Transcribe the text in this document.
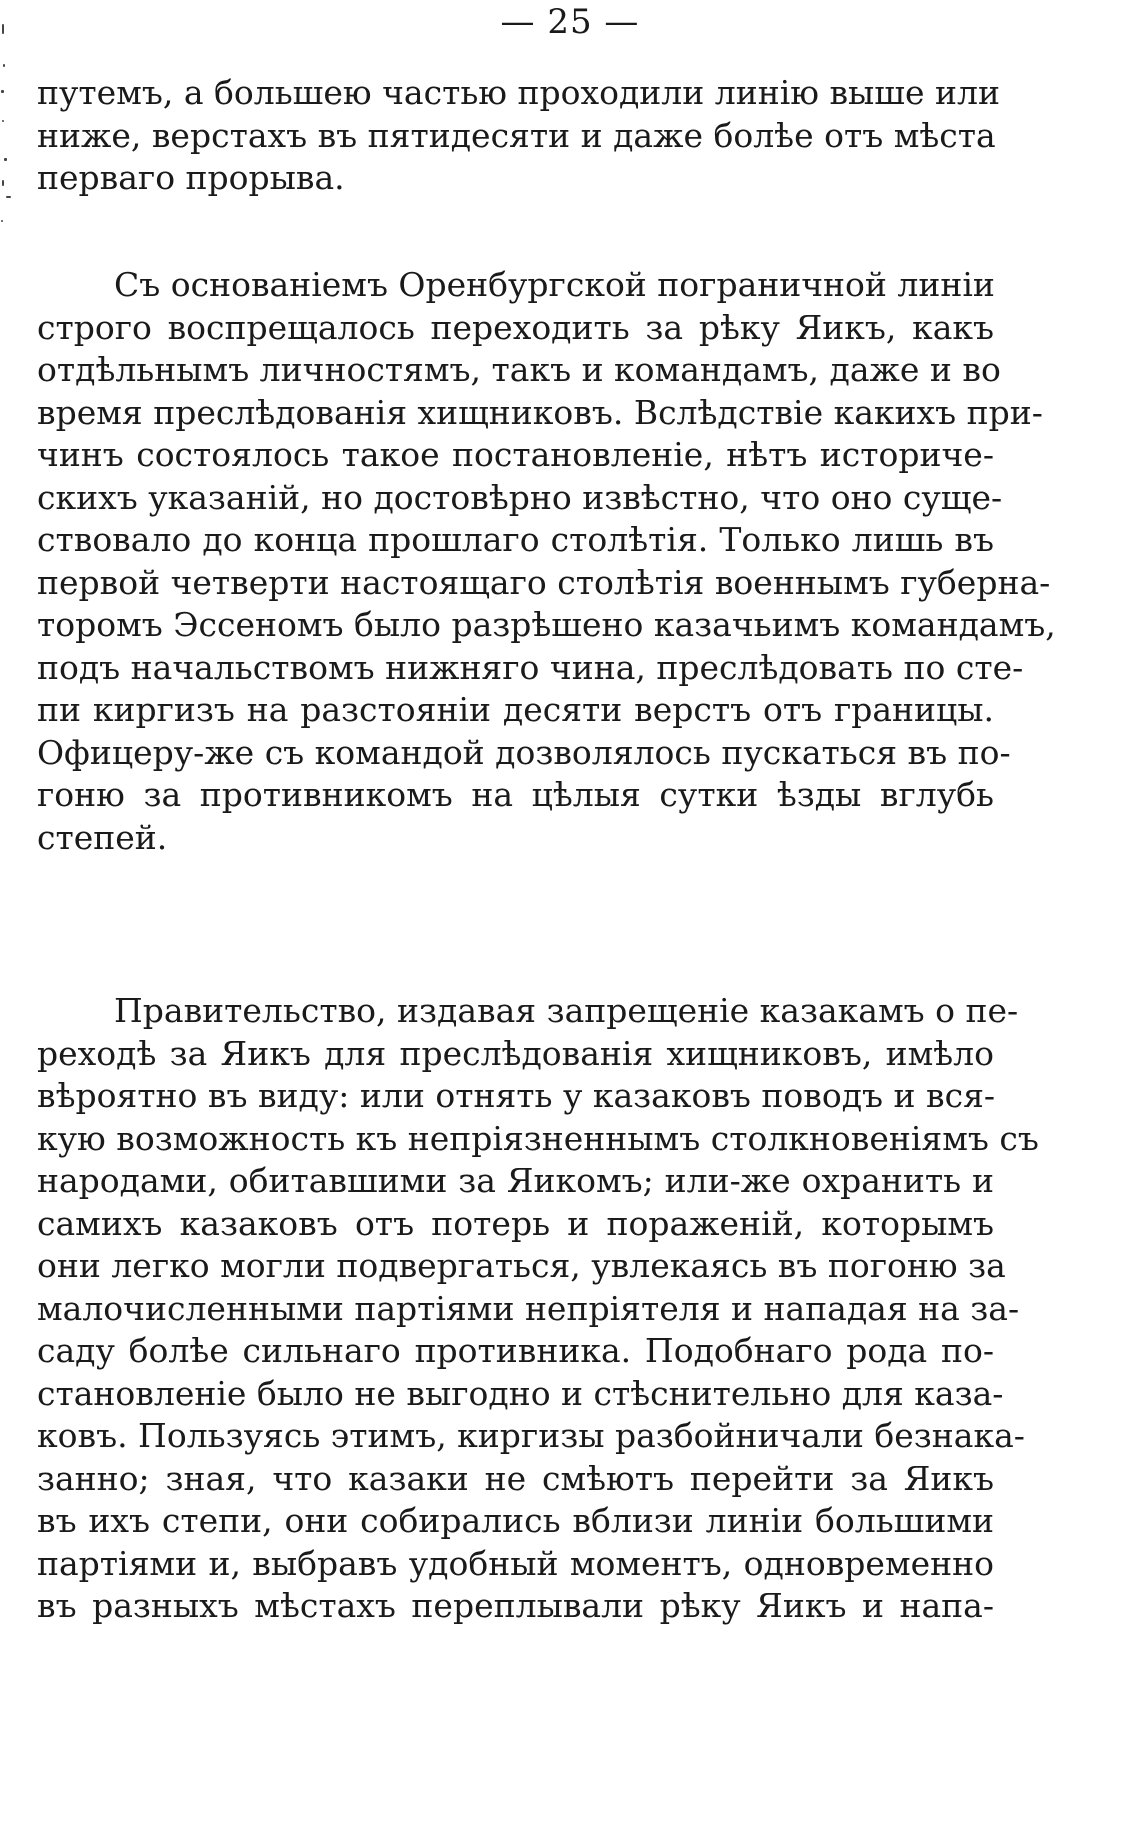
— 25 —
путемъ, а большею частью проходили линію выше или
ниже, верстахъ въ пятидесяти и даже болѣе отъ мѣста
перваго прорыва.
Съ основаніемъ Оренбургской пограничной линіи
строго воспрещалось переходить за рѣку Яикъ, какъ
отдѣльнымъ личностямъ, такъ и командамъ, даже и во
время преслѣдованія хищниковъ. Вслѣдствіе какихъ при-
чинъ состоялось такое постановленіе, нѣтъ историче-
скихъ указаній, но достовѣрно извѣстно, что оно суще-
ствовало до конца прошлаго столѣтія. Только лишь въ
первой четверти настоящаго столѣтія военнымъ губерна-
торомъ Эссеномъ было разрѣшено казачьимъ командамъ,
подъ начальствомъ нижняго чина, преслѣдовать по сте-
пи киргизъ на разстояніи десяти верстъ отъ границы.
Офицеру-же съ командой дозволялось пускаться въ по-
гоню за противникомъ на цѣлыя сутки ѣзды вглубь
степей.
Правительство, издавая запрещеніе казакамъ о пе-
реходѣ за Яикъ для преслѣдованія хищниковъ, имѣло
вѣроятно въ виду: или отнять у казаковъ поводъ и вся-
кую возможность къ непріязненнымъ столкновеніямъ съ
народами, обитавшими за Яикомъ; или-же охранить и
самихъ казаковъ отъ потерь и пораженій, которымъ
они легко могли подвергаться, увлекаясь въ погоню за
малочисленными партіями непріятеля и нападая на за-
саду болѣе сильнаго противника. Подобнаго рода по-
становленіе было не выгодно и стѣснительно для каза-
ковъ. Пользуясь этимъ, киргизы разбойничали безнака-
занно; зная, что казаки не смѣютъ перейти за Яикъ
въ ихъ степи, они собирались вблизи линіи большими
партіями и, выбравъ удобный моментъ, одновременно
въ разныхъ мѣстахъ переплывали рѣку Яикъ и напа-
